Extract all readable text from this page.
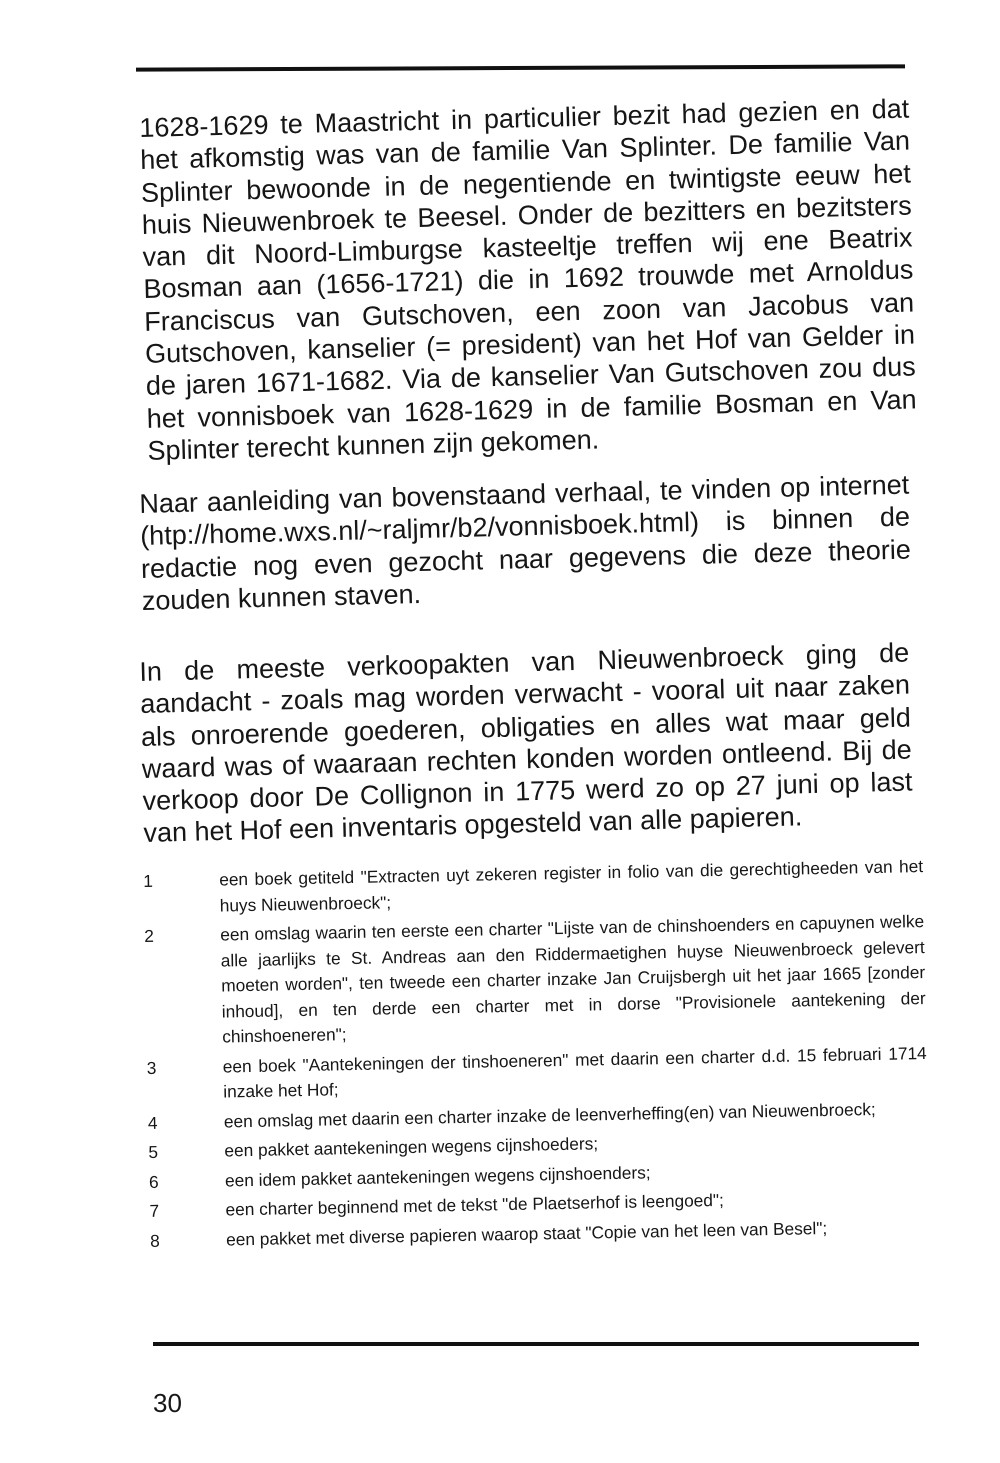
1628-1629 te Maastricht in particulier bezit had gezien en dat het afkomstig was van de familie Van Splinter. De familie Van Splinter bewoonde in de negentiende en twintigste eeuw het huis Nieuwenbroek te Beesel. Onder de bezitters en bezitsters van dit Noord-Limburgse kasteeltje treffen wij ene Beatrix Bosman aan (1656-1721) die in 1692 trouwde met Arnoldus Franciscus van Gutschoven, een zoon van Jacobus van Gutschoven, kanselier (= president) van het Hof van Gelder in de jaren 1671-1682. Via de kanselier Van Gutschoven zou dus het vonnisboek van 1628-1629 in de familie Bosman en Van Splinter terecht kunnen zijn gekomen.

Naar aanleiding van bovenstaand verhaal, te vinden op internet (htp://home.wxs.nl/~raljmr/b2/vonnisboek.html) is binnen de redactie nog even gezocht naar gegevens die deze theorie zouden kunnen staven.

In de meeste verkoopakten van Nieuwenbroeck ging de aandacht - zoals mag worden verwacht - vooral uit naar zaken als onroerende goederen, obligaties en alles wat maar geld waard was of waaraan rechten konden worden ontleend. Bij de verkoop door De Collignon in 1775 werd zo op 27 juni op last van het Hof een inventaris opgesteld van alle papieren.

1	een boek getiteld "Extracten uyt zekeren register in folio van die gerechtigheeden van het huys Nieuwenbroeck";
2	een omslag waarin ten eerste een charter "Lijste van de chinshoenders en capuynen welke alle jaarlijks te St. Andreas aan den Riddermaetighen huyse Nieuwenbroeck gelevert moeten worden", ten tweede een charter inzake Jan Cruijsbergh uit het jaar 1665 [zonder inhoud], en ten derde een charter met in dorse "Provisionele aantekening der chinshoeneren";
3	een boek "Aantekeningen der tinshoeneren" met daarin een charter d.d. 15 februari 1714 inzake het Hof;
4	een omslag met daarin een charter inzake de leenverheffing(en) van Nieuwenbroeck;
5	een pakket aantekeningen wegens cijnshoeders;
6	een idem pakket aantekeningen wegens cijnshoenders;
7	een charter beginnend met de tekst "de Plaetserhof is leengoed";
8	een pakket met diverse papieren waarop staat "Copie van het leen van Besel";
30
